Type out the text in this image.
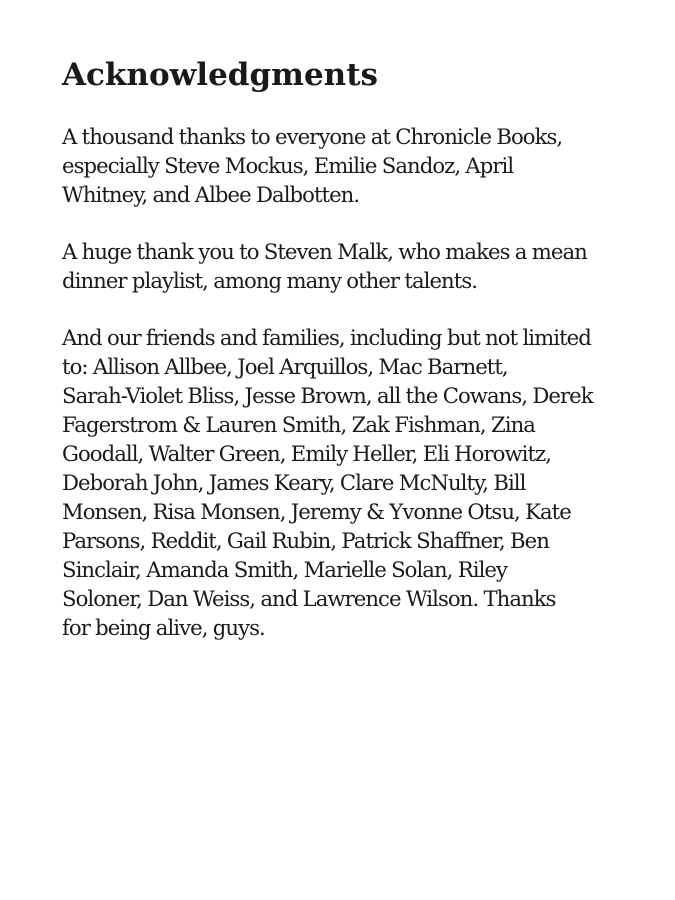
Acknowledgments

A thousand thanks to everyone at Chronicle Books,
especially Steve Mockus, Emilie Sandoz, April
Whitney, and Albee Dalbotten.

A huge thank you to Steven Malk, who makes a mean
dinner playlist, among many other talents.

And our friends and families, including but not limited
to: Allison Allbee, Joel Arquillos, Mac Barnett,
Sarah-Violet Bliss, Jesse Brown, all the Cowans, Derek
Fagerstrom & Lauren Smith, Zak Fishman, Zina
Goodall, Walter Green, Emily Heller, Eli Horowitz,
Deborah John, James Keary, Clare McNulty, Bill
Monsen, Risa Monsen, Jeremy & Yvonne Otsu, Kate
Parsons, Reddit, Gail Rubin, Patrick Shaffner, Ben
Sinclair, Amanda Smith, Marielle Solan, Riley
Soloner, Dan Weiss, and Lawrence Wilson. Thanks
for being alive, guys.
